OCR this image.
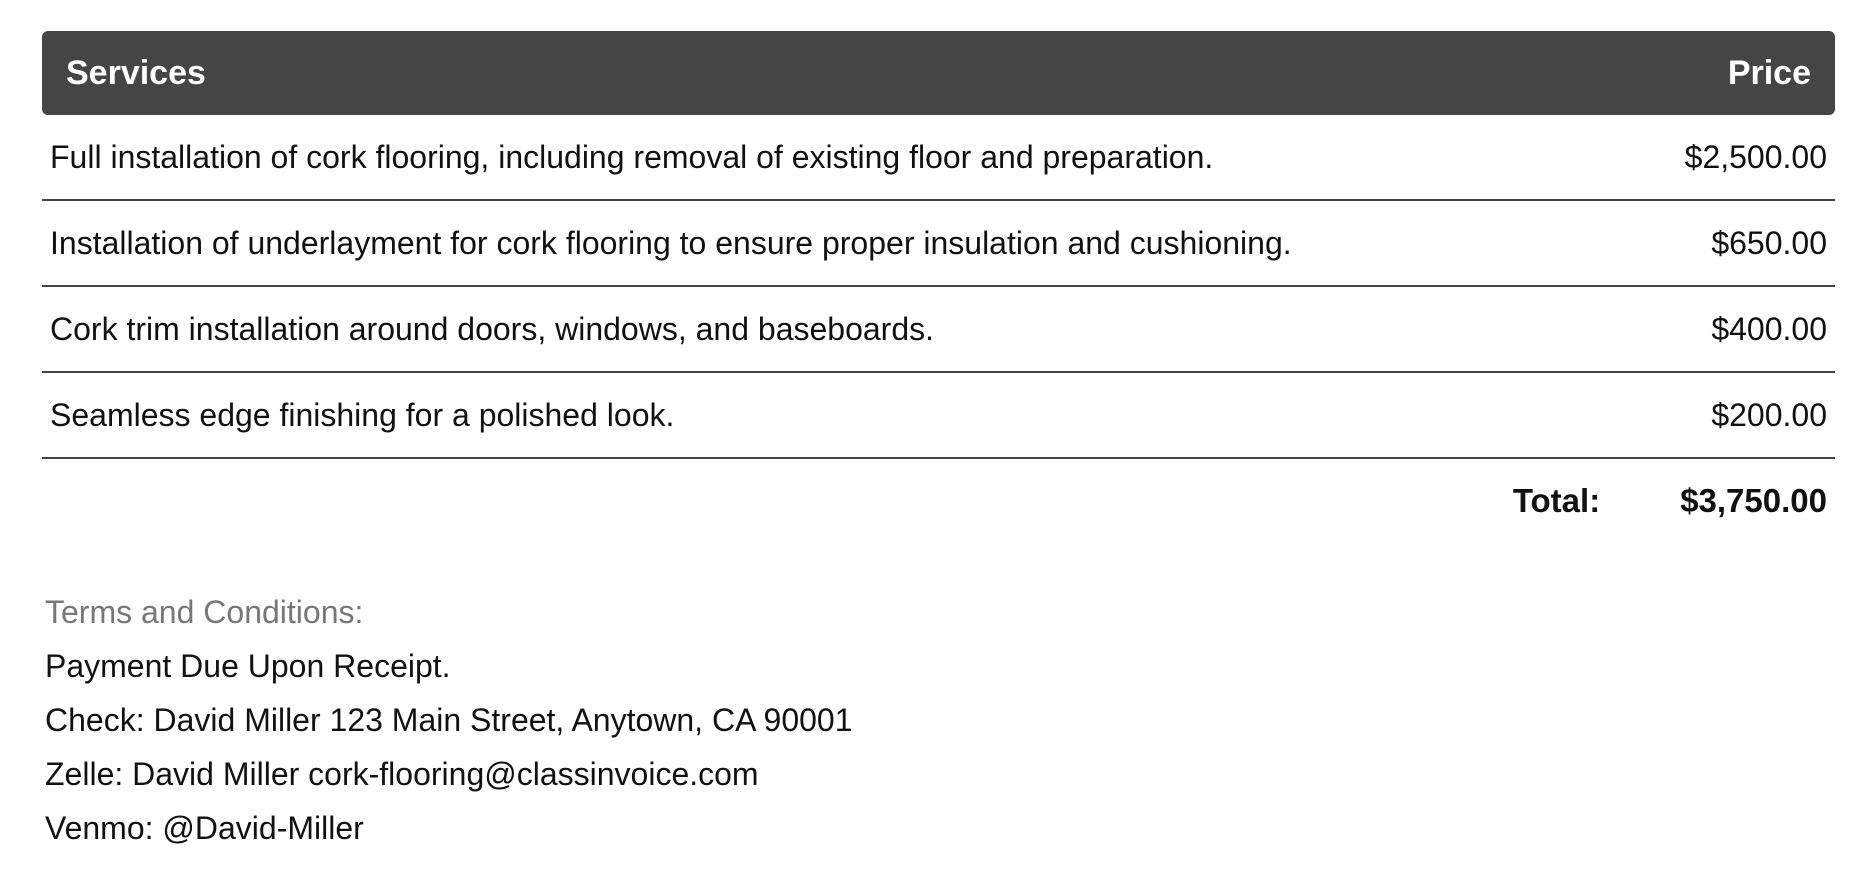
Services	Price
Full installation of cork flooring, including removal of existing floor and preparation.	$2,500.00
Installation of underlayment for cork flooring to ensure proper insulation and cushioning.	$650.00
Cork trim installation around doors, windows, and baseboards.	$400.00
Seamless edge finishing for a polished look.	$200.00
Total: $3,750.00
Terms and Conditions:
Payment Due Upon Receipt.
Check: David Miller 123 Main Street, Anytown, CA 90001
Zelle: David Miller cork-flooring@classinvoice.com
Venmo: @David-Miller
